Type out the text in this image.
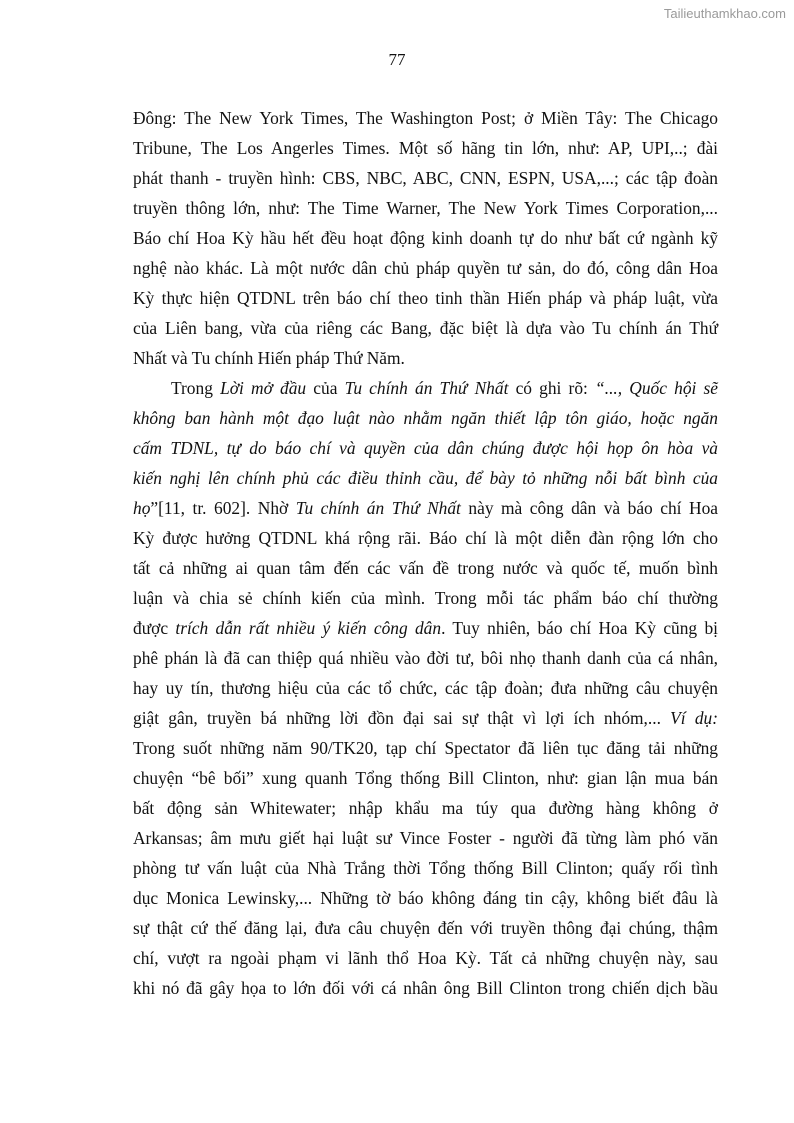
Tailieuthamkhao.com
77
Đông: The New York Times, The Washington Post; ở Miền Tây: The Chicago
Tribune, The Los Angerles Times. Một số hãng tin lớn, như: AP, UPI,..; đài
phát thanh - truyền hình: CBS, NBC, ABC, CNN, ESPN, USA,...; các tập đoàn
truyền thông lớn, như: The Time Warner, The New York Times Corporation,...
Báo chí Hoa Kỳ hầu hết đều hoạt động kinh doanh tự do như bất cứ ngành kỹ
nghệ nào khác. Là một nước dân chủ pháp quyền tư sản, do đó, công dân Hoa
Kỳ thực hiện QTDNL trên báo chí theo tinh thần Hiến pháp và pháp luật, vừa
của Liên bang, vừa của riêng các Bang, đặc biệt là dựa vào Tu chính án Thứ
Nhất và Tu chính Hiến pháp Thứ Năm.
Trong Lời mở đầu của Tu chính án Thứ Nhất có ghi rõ: “..., Quốc hội sẽ
không ban hành một đạo luật nào nhằm ngăn thiết lập tôn giáo, hoặc ngăn
cấm TDNL, tự do báo chí và quyền của dân chúng được hội họp ôn hòa và
kiến nghị lên chính phủ các điều thỉnh cầu, để bày tỏ những nỗi bất bình của
họ”[11, tr. 602]. Nhờ Tu chính án Thứ Nhất này mà công dân và báo chí Hoa
Kỳ được hưởng QTDNL khá rộng rãi. Báo chí là một diễn đàn rộng lớn cho
tất cả những ai quan tâm đến các vấn đề trong nước và quốc tế, muốn bình
luận và chia sẻ chính kiến của mình. Trong mỗi tác phẩm báo chí thường
được trích dẫn rất nhiều ý kiến công dân. Tuy nhiên, báo chí Hoa Kỳ cũng bị
phê phán là đã can thiệp quá nhiều vào đời tư, bôi nhọ thanh danh của cá nhân,
hay uy tín, thương hiệu của các tổ chức, các tập đoàn; đưa những câu chuyện
giật gân, truyền bá những lời đồn đại sai sự thật vì lợi ích nhóm,... Ví dụ:
Trong suốt những năm 90/TK20, tạp chí Spectator đã liên tục đăng tải những
chuyện “bê bối” xung quanh Tổng thống Bill Clinton, như: gian lận mua bán
bất động sản Whitewater; nhập khẩu ma túy qua đường hàng không ở
Arkansas; âm mưu giết hại luật sư Vince Foster - người đã từng làm phó văn
phòng tư vấn luật của Nhà Trắng thời Tổng thống Bill Clinton; quấy rối tình
dục Monica Lewinsky,... Những tờ báo không đáng tin cậy, không biết đâu là
sự thật cứ thế đăng lại, đưa câu chuyện đến với truyền thông đại chúng, thậm
chí, vượt ra ngoài phạm vi lãnh thổ Hoa Kỳ. Tất cả những chuyện này, sau
khi nó đã gây họa to lớn đối với cá nhân ông Bill Clinton trong chiến dịch bầu
